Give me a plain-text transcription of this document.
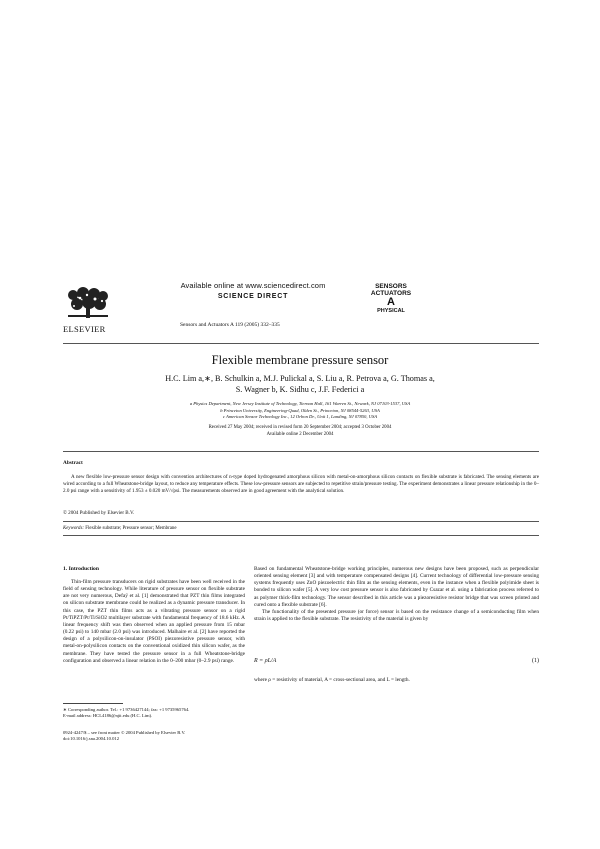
ELSEVIER
Available online at www.sciencedirect.com
SCIENCE DIRECT
Sensors and Actuators A 119 (2005) 332–335
SENSORS
ACTUATORS
A
PHYSICAL
Flexible membrane pressure sensor
H.C. Lim a,∗, B. Schulkin a, M.J. Pulickal a, S. Liu a, R. Petrova a, G. Thomas a,
S. Wagner b, K. Sidhu c, J.F. Federici a
a Physics Department, New Jersey Institute of Technology, Tiernan Hall, 161 Warren St., Newark, NJ 07103-1537, USA
b Princeton University, Engineering-Quad, Olden St., Princeton, NJ 08544-5263, USA
c American Sensor Technology Inc., 12 Orbon Dr., Unit 1, Landing, NJ 07850, USA
Received 27 May 2004; received in revised form 20 September 2004; accepted 3 October 2004
Available online 2 December 2004
Abstract
A new flexible low-pressure sensor design with convention architectures of n-type doped hydrogenated amorphous silicon with metal-on-amorphous silicon contacts on flexible substrate is fabricated. The sensing elements are wired according to a full Wheatstone-bridge layout, to reduce any temperature effects. These low-pressure sensors are subjected to repetitive strain/pressure testing. The experiment demonstrates a linear pressure relationship in the 0–2.0 psi range with a sensitivity of 1.953 ± 0.020 mV/√psi. The measurements observed are in good agreement with the analytical solution.
© 2004 Published by Elsevier B.V.
Keywords: Flexible substrate; Pressure sensor; Membrane
1. Introduction
Thin-film pressure transducers on rigid substrates have been well received in the field of sensing technology. While literature of pressure sensor on flexible substrate are not very numerous, Defaÿ et al. [1] demonstrated that PZT thin films integrated on silicon substrate membrane could be realized as a dynamic pressure transducer. In this case, the PZT thin films acts as a vibrating pressure sensor on a rigid Pt/TiPZT/Pt/Ti/SiO2 multilayer substrate with fundamental frequency of 18.6 kHz. A linear frequency shift was then observed when an applied pressure from 15 mbar (0.22 psi) to 140 mbar (2.0 psi) was introduced. Malhaire et al. [2] have reported the design of a polysilicon-on-insulator (PSOI) piezoresistive pressure sensor, with metal-on-polysilicon contacts on the conventional oxidized thin silicon wafer, as the membrane. They have tested the pressure sensor in a full Wheatstone-bridge configuration and observed a linear relation in the 0–200 mbar (0–2.9 psi) range.

Based on fundamental Wheatstone-bridge working principles, numerous new designs have been proposed, such as perpendicular oriented sensing element [3] and with temperature compensated designs [4]. Current technology of differential low-pressure sensing systems frequently uses ZnO piezoelectric thin film as the sensing elements, even in the instance when a flexible polyimide sheet is bonded to silicon wafer [5]. A very low cost pressure sensor is also fabricated by Csazar et al. using a fabrication process referred to as polymer thick-film technology. The sensor described in this article was a piezoresistive resistor bridge that was screen printed and cured onto a flexible substrate [6].

The functionality of the presented pressure (or force) sensor is based on the resistance change of a semiconducting film when strain is applied to the flexible substrate. The resistivity of the material is given by

R = ρL/A	(1)
where ρ = resistivity of material, A = cross-sectional area, and L = length.
∗ Corresponding author. Tel.: +1 9736427144; fax: +1 9735965764.
E-mail address: HCL4186@njit.edu (H.C. Lim).
0924-4247/$ – see front matter © 2004 Published by Elsevier B.V.
doi:10.1016/j.sna.2004.10.012
